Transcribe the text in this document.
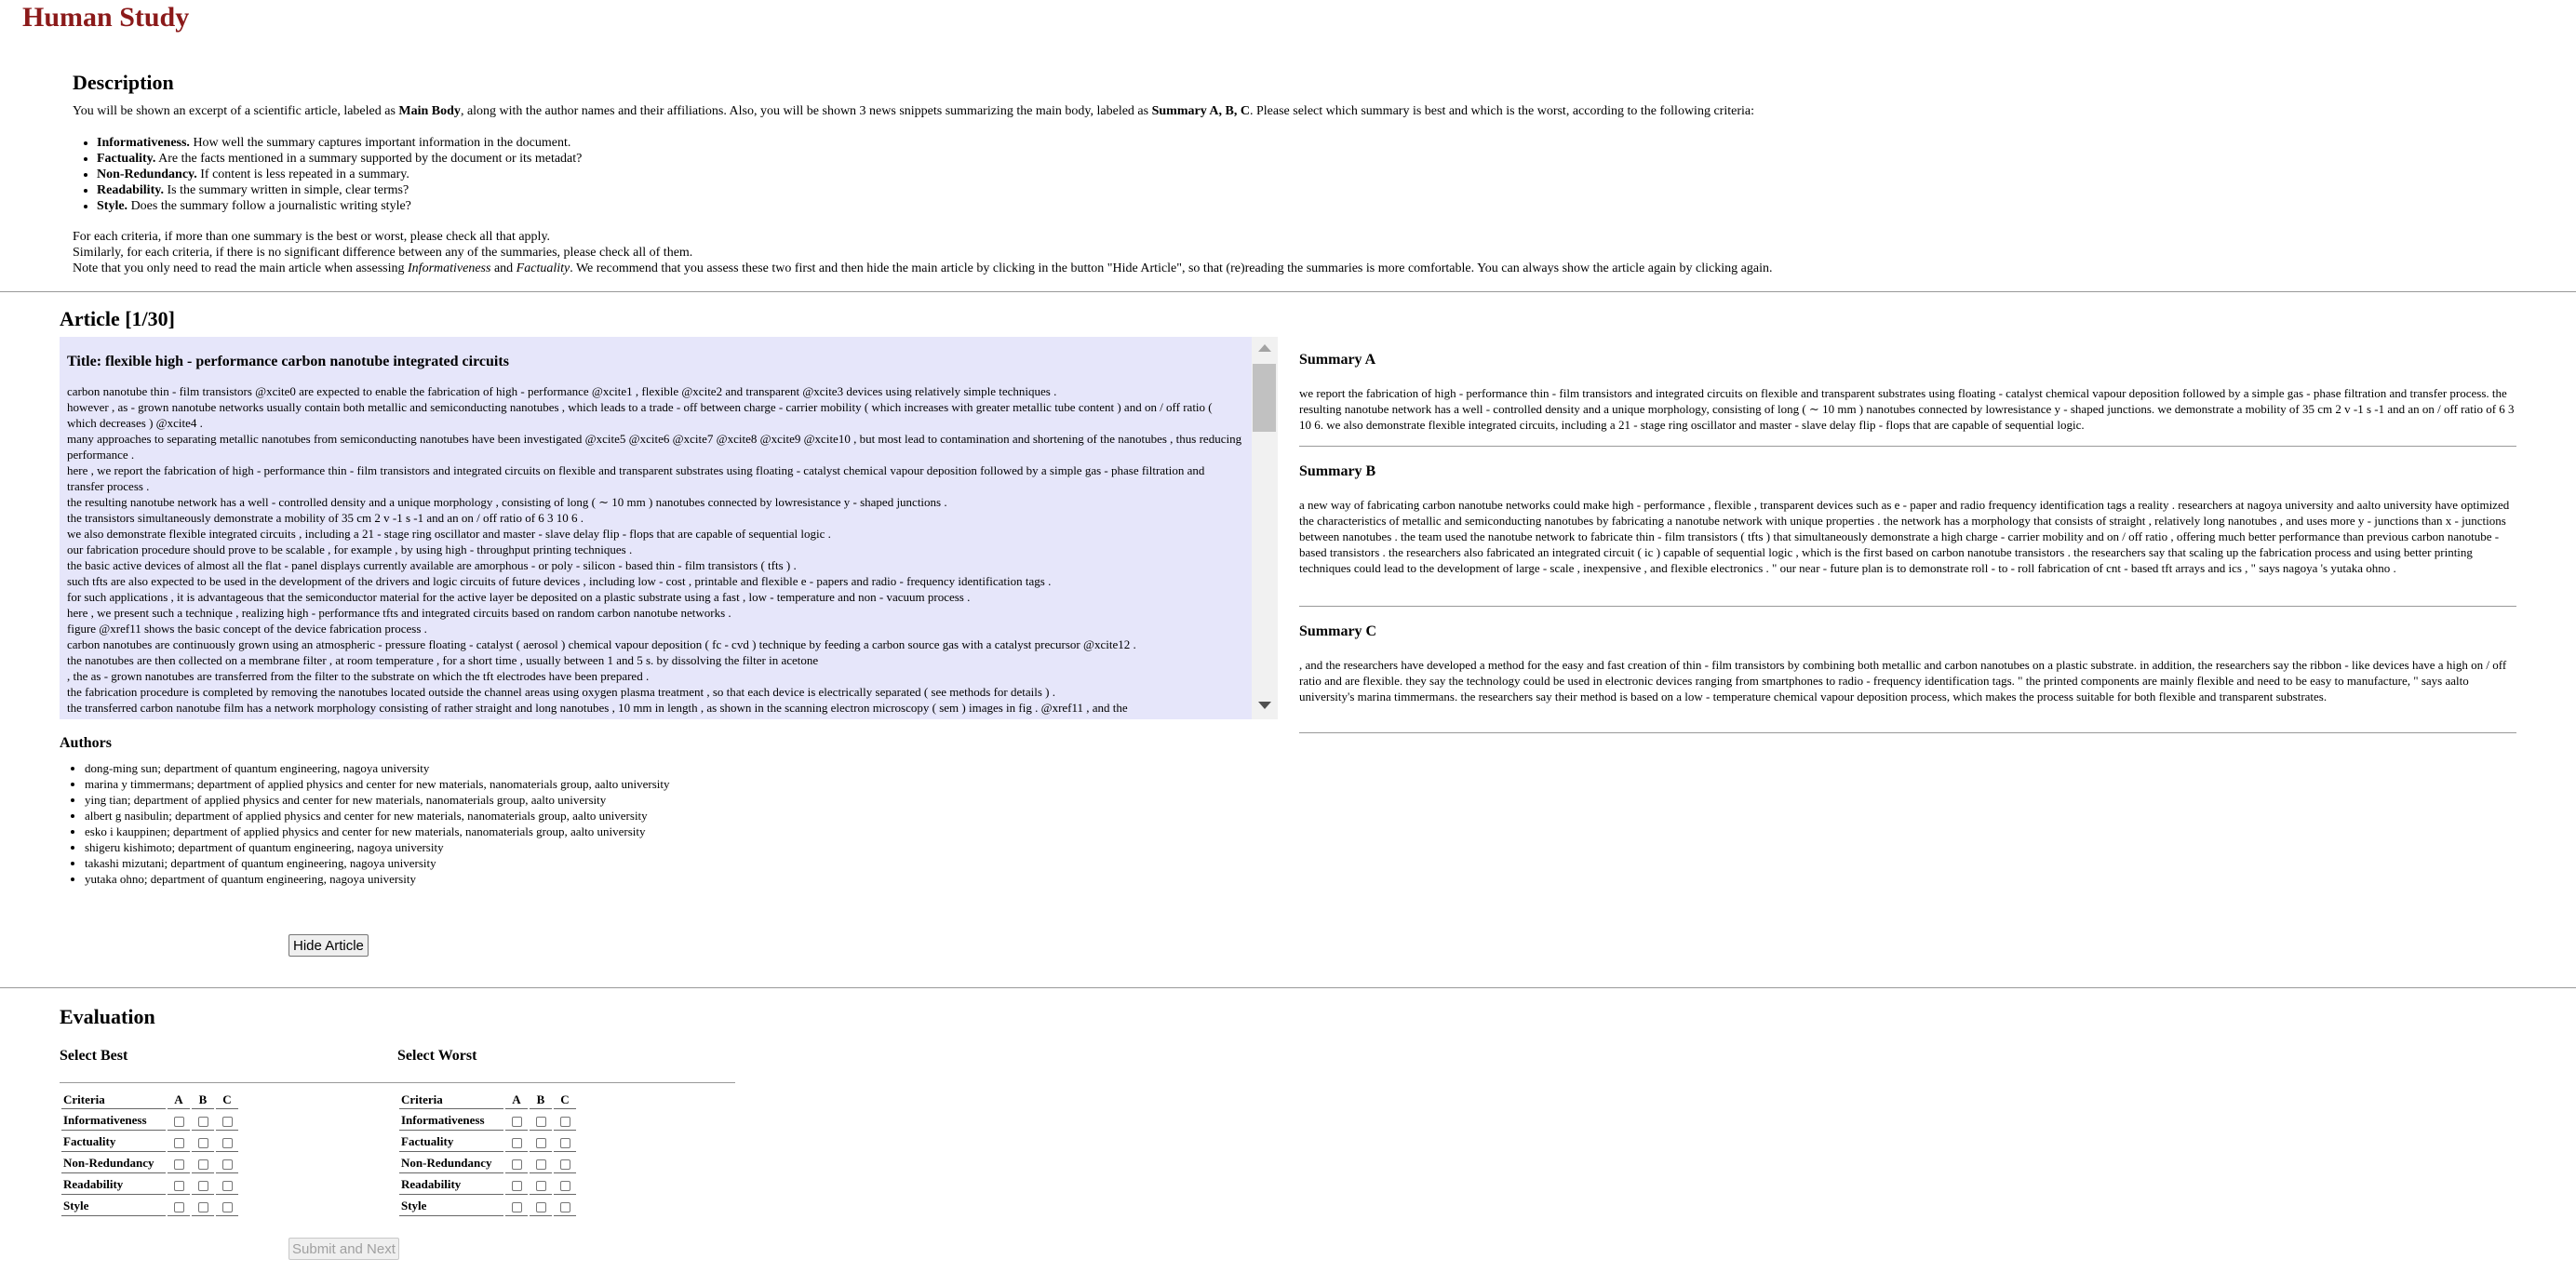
Human Study
Description

You will be shown an excerpt of a scientific article, labeled as Main Body, along with the author names and their affiliations. Also, you will be shown 3 news snippets summarizing the main body, labeled as Summary A, B, C. Please select which summary is best and which is the worst, according to the following criteria:

• Informativeness. How well the summary captures important information in the document.
• Factuality. Are the facts mentioned in a summary supported by the document or its metadat?
• Non-Redundancy. If content is less repeated in a summary.
• Readability. Is the summary written in simple, clear terms?
• Style. Does the summary follow a journalistic writing style?
For each criteria, if more than one summary is the best or worst, please check all that apply.
Similarly, for each criteria, if there is no significant difference between any of the summaries, please check all of them.
Note that you only need to read the main article when assessing Informativeness and Factuality. We recommend that you assess these two first and then hide the main article by clicking in the button "Hide Article", so that (re)reading the summaries is more comfortable. You can always show the article again by clicking again.
Article [1/30]
Title: flexible high - performance carbon nanotube integrated circuits
carbon nanotube thin - film transistors @xcite0 are expected to enable the fabrication of high - performance @xcite1 , flexible @xcite2 and transparent @xcite3 devices using relatively simple techniques .
however , as - grown nanotube networks usually contain both metallic and semiconducting nanotubes , which leads to a trade - off between charge - carrier mobility ( which increases with greater metallic tube content ) and on / off ratio ( which decreases ) @xcite4 .
many approaches to separating metallic nanotubes from semiconducting nanotubes have been investigated @xcite5 @xcite6 @xcite7 @xcite8 @xcite9 @xcite10 , but most lead to contamination and shortening of the nanotubes , thus reducing performance .
here , we report the fabrication of high - performance thin - film transistors and integrated circuits on flexible and transparent substrates using floating - catalyst chemical vapour deposition followed by a simple gas - phase filtration and transfer process .
the resulting nanotube network has a well - controlled density and a unique morphology , consisting of long ( ∼ 10 mm ) nanotubes connected by lowresistance y - shaped junctions .
the transistors simultaneously demonstrate a mobility of 35 cm 2 v -1 s -1 and an on / off ratio of 6 3 10 6 .
we also demonstrate flexible integrated circuits , including a 21 - stage ring oscillator and master - slave delay flip - flops that are capable of sequential logic .
our fabrication procedure should prove to be scalable , for example , by using high - throughput printing techniques .
the basic active devices of almost all the flat - panel displays currently available are amorphous - or poly - silicon - based thin - film transistors ( tfts ) .
such tfts are also expected to be used in the development of the drivers and logic circuits of future devices , including low - cost , printable and flexible e - papers and radio - frequency identification tags .
for such applications , it is advantageous that the semiconductor material for the active layer be deposited on a plastic substrate using a fast , low - temperature and non - vacuum process .
here , we present such a technique , realizing high - performance tfts and integrated circuits based on random carbon nanotube networks .
figure @xref11 shows the basic concept of the device fabrication process .
carbon nanotubes are continuously grown using an atmospheric - pressure floating - catalyst ( aerosol ) chemical vapour deposition ( fc - cvd ) technique by feeding a carbon source gas with a catalyst precursor @xcite12 .
the nanotubes are then collected on a membrane filter , at room temperature , for a short time , usually between 1 and 5 s. by dissolving the filter in acetone
, the as - grown nanotubes are transferred from the filter to the substrate on which the tft electrodes have been prepared .
the fabrication procedure is completed by removing the nanotubes located outside the channel areas using oxygen plasma treatment , so that each device is electrically separated ( see methods for details ) .
the transferred carbon nanotube film has a network morphology consisting of rather straight and long nanotubes , 10 mm in length , as shown in the scanning electron microscopy ( sem ) images in fig . @xref11 , and the
Authors
• dong-ming sun; department of quantum engineering, nagoya university
• marina y timmermans; department of applied physics and center for new materials, nanomaterials group, aalto university
• ying tian; department of applied physics and center for new materials, nanomaterials group, aalto university
• albert g nasibulin; department of applied physics and center for new materials, nanomaterials group, aalto university
• esko i kauppinen; department of applied physics and center for new materials, nanomaterials group, aalto university
• shigeru kishimoto; department of quantum engineering, nagoya university
• takashi mizutani; department of quantum engineering, nagoya university
• yutaka ohno; department of quantum engineering, nagoya university
Hide Article
Summary A

we report the fabrication of high - performance thin - film transistors and integrated circuits on flexible and transparent substrates using floating - catalyst chemical vapour deposition followed by a simple gas - phase filtration and transfer process. the resulting nanotube network has a well - controlled density and a unique morphology, consisting of long ( ∼ 10 mm ) nanotubes connected by lowresistance y - shaped junctions. we demonstrate a mobility of 35 cm 2 v -1 s -1 and an on / off ratio of 6 3 10 6. we also demonstrate flexible integrated circuits, including a 21 - stage ring oscillator and master - slave delay flip - flops that are capable of sequential logic.

Summary B

a new way of fabricating carbon nanotube networks could make high - performance , flexible , transparent devices such as e - paper and radio frequency identification tags a reality . researchers at nagoya university and aalto university have optimized the characteristics of metallic and semiconducting nanotubes by fabricating a nanotube network with unique properties . the network has a morphology that consists of straight , relatively long nanotubes , and uses more y - junctions than x - junctions between nanotubes . the team used the nanotube network to fabricate thin - film transistors ( tfts ) that simultaneously demonstrate a high charge - carrier mobility and on / off ratio , offering much better performance than previous carbon nanotube - based transistors . the researchers also fabricated an integrated circuit ( ic ) capable of sequential logic , which is the first based on carbon nanotube transistors . the researchers say that scaling up the fabrication process and using better printing techniques could lead to the development of large - scale , inexpensive , and flexible electronics . " our near - future plan is to demonstrate roll - to - roll fabrication of cnt - based tft arrays and ics , " says nagoya 's yutaka ohno .

Summary C

, and the researchers have developed a method for the easy and fast creation of thin - film transistors by combining both metallic and carbon nanotubes on a plastic substrate. in addition, the researchers say the ribbon - like devices have a high on / off ratio and are flexible. they say the technology could be used in electronic devices ranging from smartphones to radio - frequency identification tags. " the printed components are mainly flexible and need to be easy to manufacture, " says aalto university's marina timmermans. the researchers say their method is based on a low - temperature chemical vapour deposition process, which makes the process suitable for both flexible and transparent substrates.

Evaluation
Select Best	Select Worst
Criteria	A	B	C
Informativeness			
Factuality			
Non-Redundancy			
Readability			
Style			
Criteria	A	B	C
Informativeness			
Factuality			
Non-Redundancy			
Readability			
Style			
Submit and Next
